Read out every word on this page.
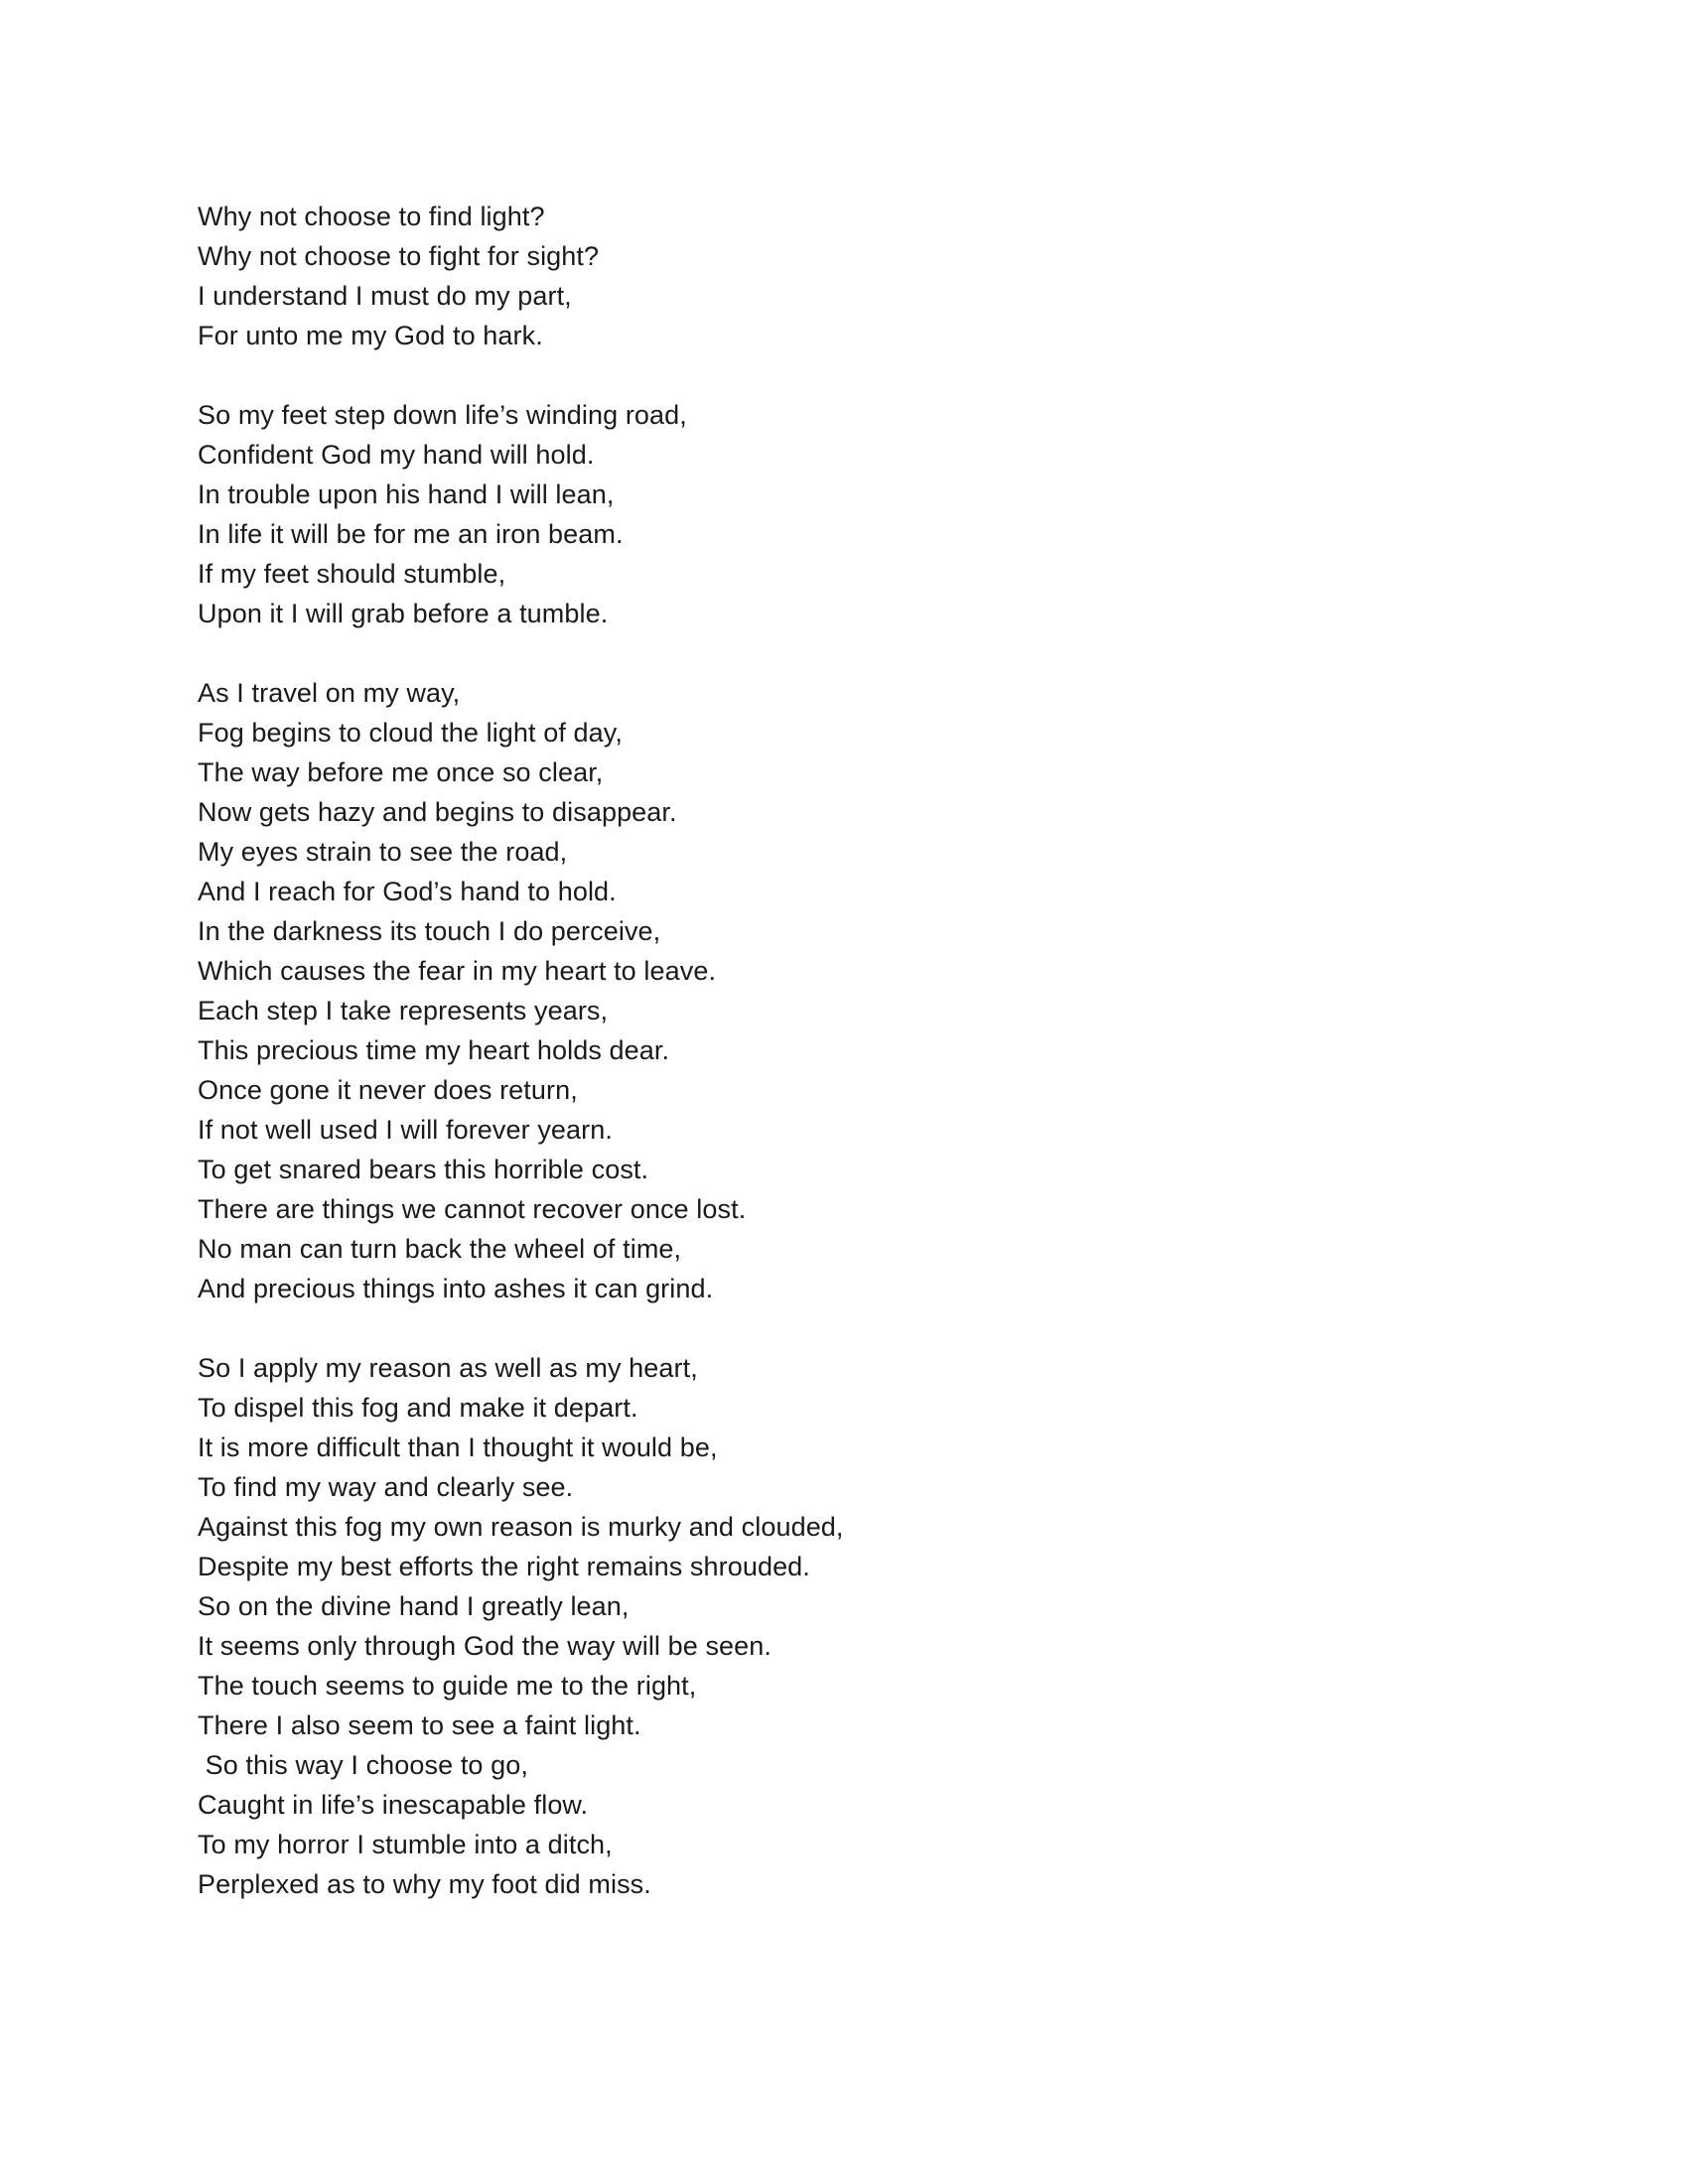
Why not choose to find light?
Why not choose to fight for sight?
I understand I must do my part,
For unto me my God to hark.
So my feet step down life’s winding road,
Confident God my hand will hold.
In trouble upon his hand I will lean,
In life it will be for me an iron beam.
If my feet should stumble,
Upon it I will grab before a tumble.
As I travel on my way,
Fog begins to cloud the light of day,
The way before me once so clear,
Now gets hazy and begins to disappear.
My eyes strain to see the road,
And I reach for God’s hand to hold.
In the darkness its touch I do perceive,
Which causes the fear in my heart to leave.
Each step I take represents years,
This precious time my heart holds dear.
Once gone it never does return,
If not well used I will forever yearn.
To get snared bears this horrible cost.
There are things we cannot recover once lost.
No man can turn back the wheel of time,
And precious things into ashes it can grind.
So I apply my reason as well as my heart,
To dispel this fog and make it depart.
It is more difficult than I thought it would be,
To find my way and clearly see.
Against this fog my own reason is murky and clouded,
Despite my best efforts the right remains shrouded.
So on the divine hand I greatly lean,
It seems only through God the way will be seen.
The touch seems to guide me to the right,
There I also seem to see a faint light.
So this way I choose to go,
Caught in life’s inescapable flow.
To my horror I stumble into a ditch,
Perplexed as to why my foot did miss.
